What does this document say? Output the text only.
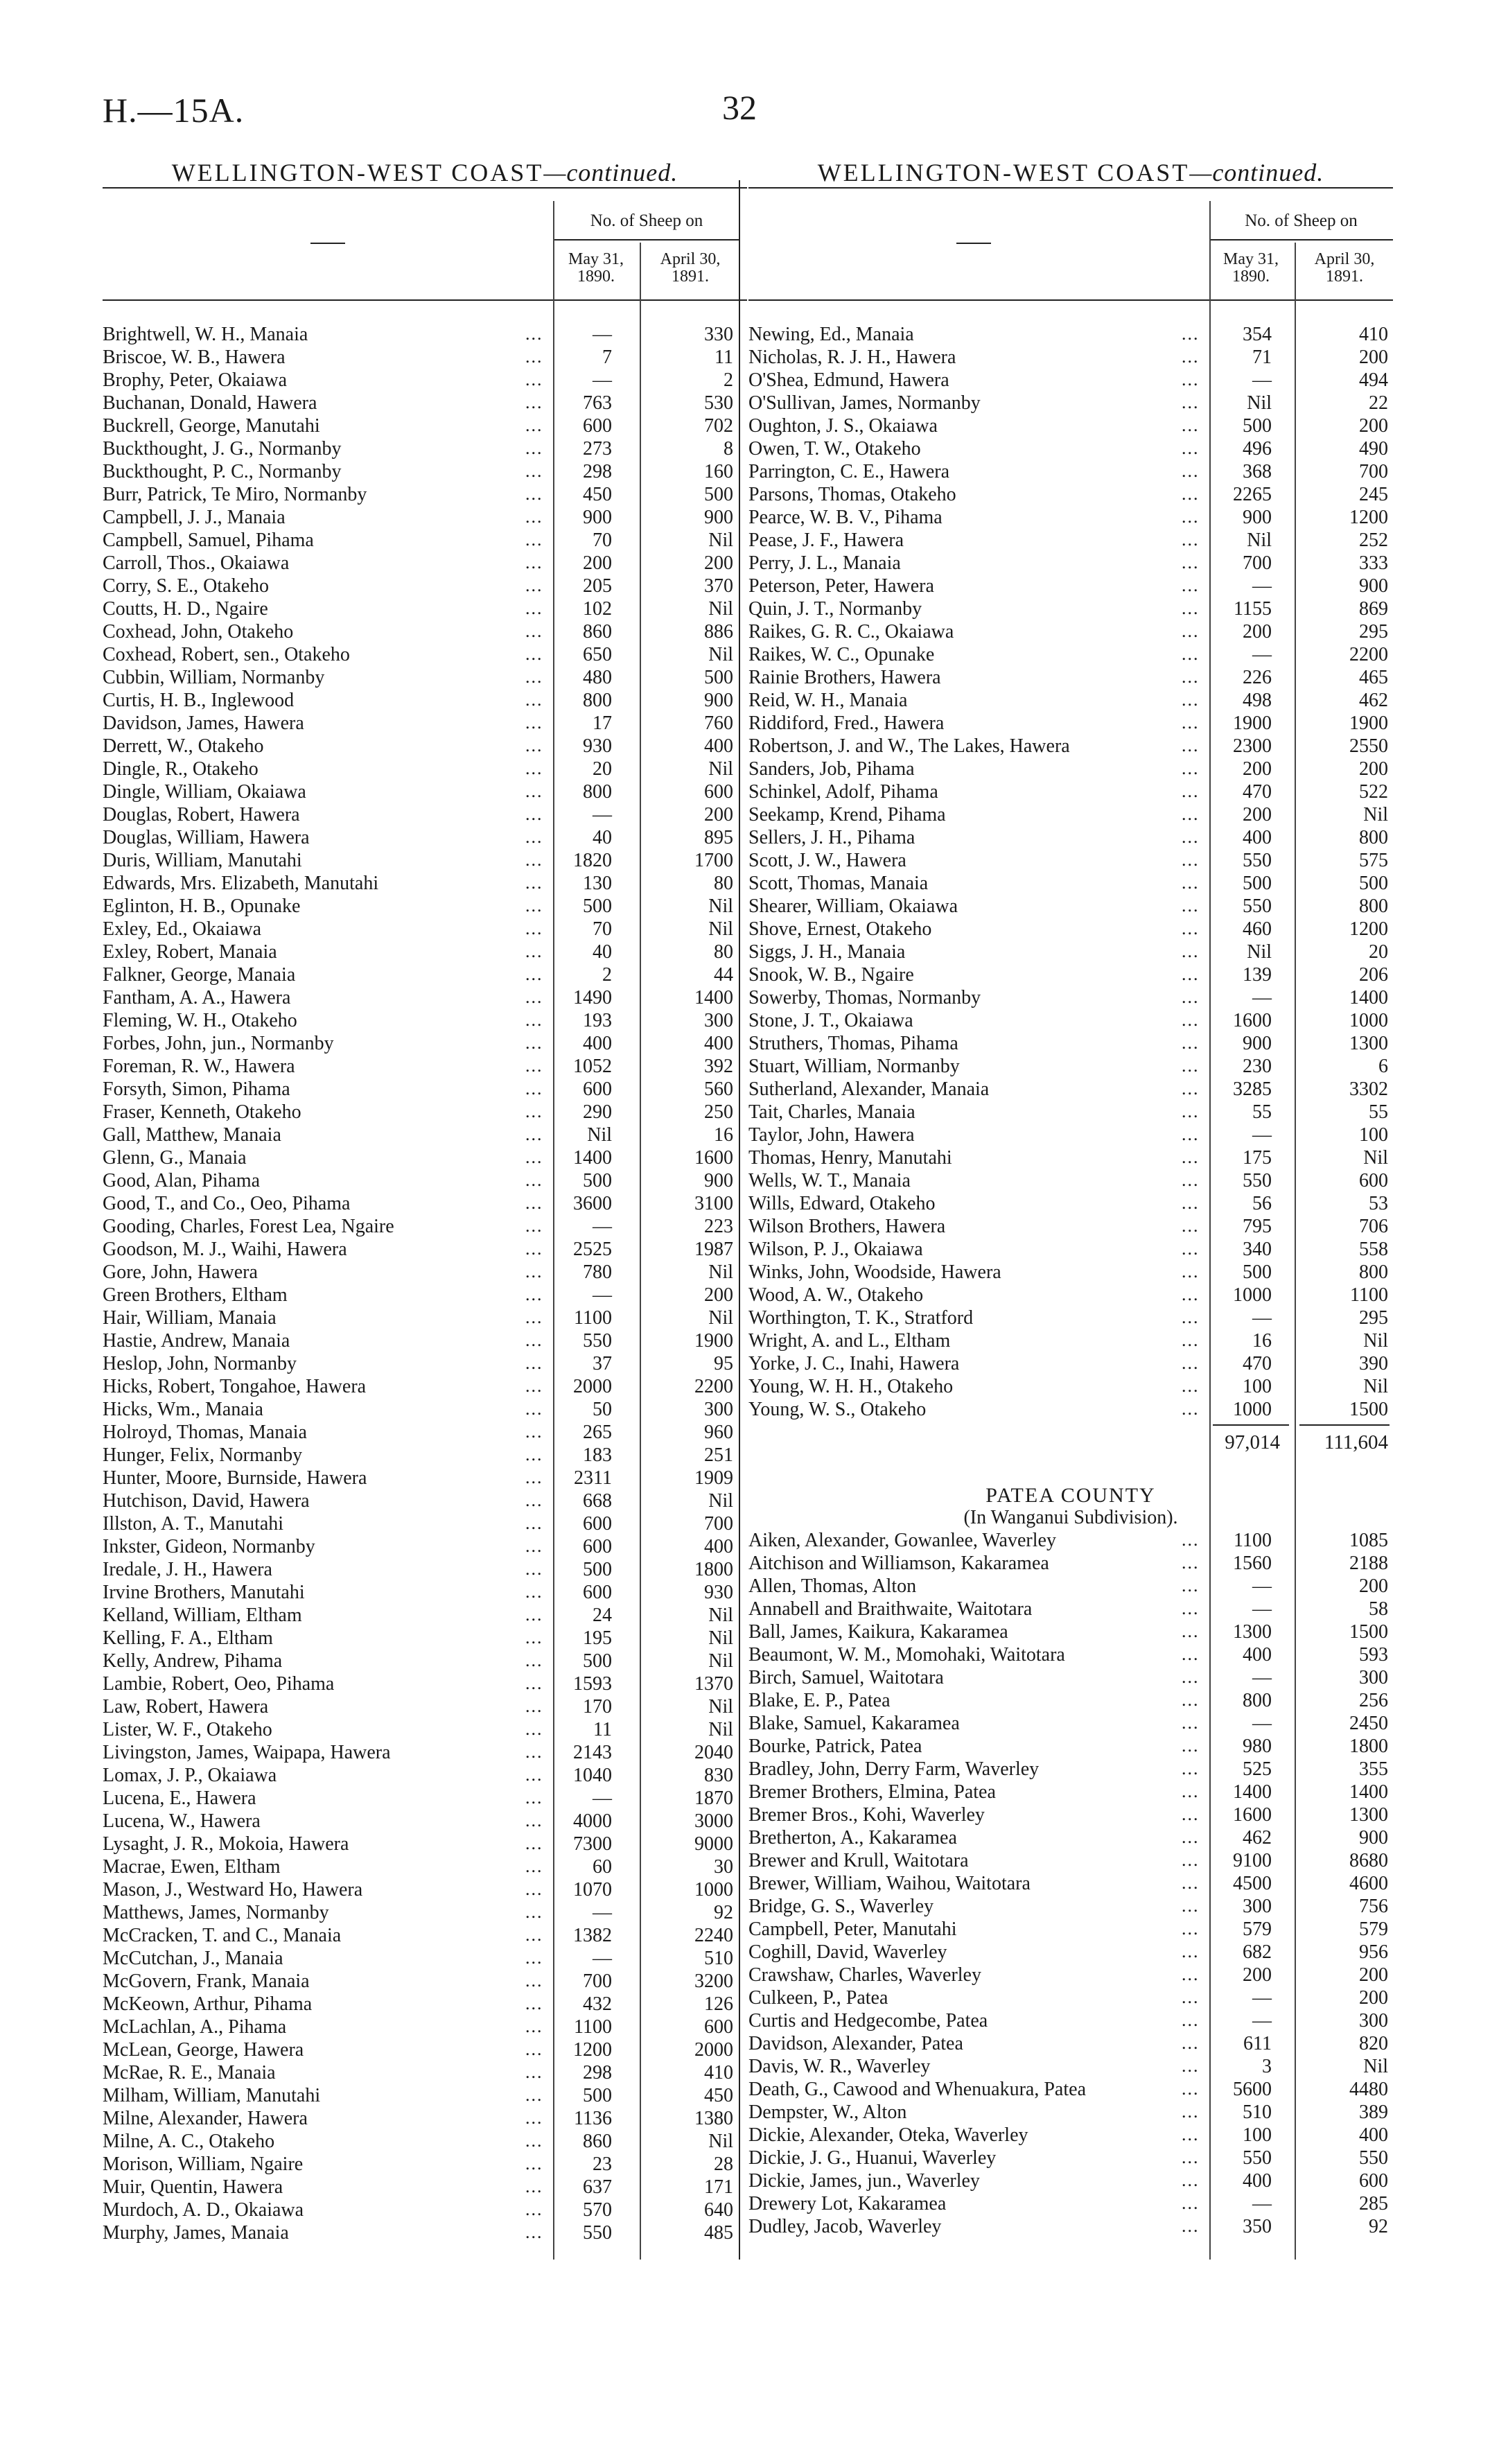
H.—15A.	32
WELLINGTON-WEST COAST—continued.
No. of Sheep on
May 31, 1890.
April 30, 1891.
Brightwell, W. H., Manaia	...	—	330
Briscoe, W. B., Hawera	...	7	11
Brophy, Peter, Okaiawa	...	—	2
Buchanan, Donald, Hawera	...	763	530
Buckrell, George, Manutahi	...	600	702
Buckthought, J. G., Normanby	...	273	8
Buckthought, P. C., Normanby	...	298	160
Burr, Patrick, Te Miro, Normanby	...	450	500
Campbell, J. J., Manaia	...	900	900
Campbell, Samuel, Pihama	...	70	Nil
Carroll, Thos., Okaiawa	...	200	200
Corry, S. E., Otakeho	...	205	370
Coutts, H. D., Ngaire	...	102	Nil
Coxhead, John, Otakeho	...	860	886
Coxhead, Robert, sen., Otakeho	...	650	Nil
Cubbin, William, Normanby	...	480	500
Curtis, H. B., Inglewood	...	800	900
Davidson, James, Hawera	...	17	760
Derrett, W., Otakeho	...	930	400
Dingle, R., Otakeho	...	20	Nil
Dingle, William, Okaiawa	...	800	600
Douglas, Robert, Hawera	...	—	200
Douglas, William, Hawera	...	40	895
Duris, William, Manutahi	...	1820	1700
Edwards, Mrs. Elizabeth, Manutahi	...	130	80
Eglinton, H. B., Opunake	...	500	Nil
Exley, Ed., Okaiawa	...	70	Nil
Exley, Robert, Manaia	...	40	80
Falkner, George, Manaia	...	2	44
Fantham, A. A., Hawera	...	1490	1400
Fleming, W. H., Otakeho	...	193	300
Forbes, John, jun., Normanby	...	400	400
Foreman, R. W., Hawera	...	1052	392
Forsyth, Simon, Pihama	...	600	560
Fraser, Kenneth, Otakeho	...	290	250
Gall, Matthew, Manaia	...	Nil	16
Glenn, G., Manaia	...	1400	1600
Good, Alan, Pihama	...	500	900
Good, T., and Co., Oeo, Pihama	...	3600	3100
Gooding, Charles, Forest Lea, Ngaire	...	—	223
Goodson, M. J., Waihi, Hawera	...	2525	1987
Gore, John, Hawera	...	780	Nil
Green Brothers, Eltham	...	—	200
Hair, William, Manaia	...	1100	Nil
Hastie, Andrew, Manaia	...	550	1900
Heslop, John, Normanby	...	37	95
Hicks, Robert, Tongahoe, Hawera	...	2000	2200
Hicks, Wm., Manaia	...	50	300
Holroyd, Thomas, Manaia	...	265	960
Hunger, Felix, Normanby	...	183	251
Hunter, Moore, Burnside, Hawera	...	2311	1909
Hutchison, David, Hawera	...	668	Nil
Illston, A. T., Manutahi	...	600	700
Inkster, Gideon, Normanby	...	600	400
Iredale, J. H., Hawera	...	500	1800
Irvine Brothers, Manutahi	...	600	930
Kelland, William, Eltham	...	24	Nil
Kelling, F. A., Eltham	...	195	Nil
Kelly, Andrew, Pihama	...	500	Nil
Lambie, Robert, Oeo, Pihama	...	1593	1370
Law, Robert, Hawera	...	170	Nil
Lister, W. F., Otakeho	...	11	Nil
Livingston, James, Waipapa, Hawera	...	2143	2040
Lomax, J. P., Okaiawa	...	1040	830
Lucena, E., Hawera	...	—	1870
Lucena, W., Hawera	...	4000	3000
Lysaght, J. R., Mokoia, Hawera	...	7300	9000
Macrae, Ewen, Eltham	...	60	30
Mason, J., Westward Ho, Hawera	...	1070	1000
Matthews, James, Normanby	...	—	92
McCracken, T. and C., Manaia	...	1382	2240
McCutchan, J., Manaia	...	—	510
McGovern, Frank, Manaia	...	700	3200
McKeown, Arthur, Pihama	...	432	126
McLachlan, A., Pihama	...	1100	600
McLean, George, Hawera	...	1200	2000
McRae, R. E., Manaia	...	298	410
Milham, William, Manutahi	...	500	450
Milne, Alexander, Hawera	...	1136	1380
Milne, A. C., Otakeho	...	860	Nil
Morison, William, Ngaire	...	23	28
Muir, Quentin, Hawera	...	637	171
Murdoch, A. D., Okaiawa	...	570	640
Murphy, James, Manaia	...	550	485
WELLINGTON-WEST COAST—continued.
No. of Sheep on
May 31, 1890.
April 30, 1891.
Newing, Ed., Manaia	...	354	410
Nicholas, R. J. H., Hawera	...	71	200
O'Shea, Edmund, Hawera	...	—	494
O'Sullivan, James, Normanby	...	Nil	22
Oughton, J. S., Okaiawa	...	500	200
Owen, T. W., Otakeho	...	496	490
Parrington, C. E., Hawera	...	368	700
Parsons, Thomas, Otakeho	...	2265	245
Pearce, W. B. V., Pihama	...	900	1200
Pease, J. F., Hawera	...	Nil	252
Perry, J. L., Manaia	...	700	333
Peterson, Peter, Hawera	...	—	900
Quin, J. T., Normanby	...	1155	869
Raikes, G. R. C., Okaiawa	...	200	295
Raikes, W. C., Opunake	...	—	2200
Rainie Brothers, Hawera	...	226	465
Reid, W. H., Manaia	...	498	462
Riddiford, Fred., Hawera	...	1900	1900
Robertson, J. and W., The Lakes, Hawera	...	2300	2550
Sanders, Job, Pihama	...	200	200
Schinkel, Adolf, Pihama	...	470	522
Seekamp, Krend, Pihama	...	200	Nil
Sellers, J. H., Pihama	...	400	800
Scott, J. W., Hawera	...	550	575
Scott, Thomas, Manaia	...	500	500
Shearer, William, Okaiawa	...	550	800
Shove, Ernest, Otakeho	...	460	1200
Siggs, J. H., Manaia	...	Nil	20
Snook, W. B., Ngaire	...	139	206
Sowerby, Thomas, Normanby	...	—	1400
Stone, J. T., Okaiawa	...	1600	1000
Struthers, Thomas, Pihama	...	900	1300
Stuart, William, Normanby	...	230	6
Sutherland, Alexander, Manaia	...	3285	3302
Tait, Charles, Manaia	...	55	55
Taylor, John, Hawera	...	—	100
Thomas, Henry, Manutahi	...	175	Nil
Wells, W. T., Manaia	...	550	600
Wills, Edward, Otakeho	...	56	53
Wilson Brothers, Hawera	...	795	706
Wilson, P. J., Okaiawa	...	340	558
Winks, John, Woodside, Hawera	...	500	800
Wood, A. W., Otakeho	...	1000	1100
Worthington, T. K., Stratford	...	—	295
Wright, A. and L., Eltham	...	16	Nil
Yorke, J. C., Inahi, Hawera	...	470	390
Young, W. H. H., Otakeho	...	100	Nil
Young, W. S., Otakeho	...	1000	1500
97,014	111,604
PATEA COUNTY
(In Wanganui Subdivision).
Aiken, Alexander, Gowanlee, Waverley	...	1100	1085
Aitchison and Williamson, Kakaramea	...	1560	2188
Allen, Thomas, Alton	...	—	200
Annabell and Braithwaite, Waitotara	...	—	58
Ball, James, Kaikura, Kakaramea	...	1300	1500
Beaumont, W. M., Momohaki, Waitotara	...	400	593
Birch, Samuel, Waitotara	...	—	300
Blake, E. P., Patea	...	800	256
Blake, Samuel, Kakaramea	...	—	2450
Bourke, Patrick, Patea	...	980	1800
Bradley, John, Derry Farm, Waverley	...	525	355
Bremer Brothers, Elmina, Patea	...	1400	1400
Bremer Bros., Kohi, Waverley	...	1600	1300
Bretherton, A., Kakaramea	...	462	900
Brewer and Krull, Waitotara	...	9100	8680
Brewer, William, Waihou, Waitotara	...	4500	4600
Bridge, G. S., Waverley	...	300	756
Campbell, Peter, Manutahi	...	579	579
Coghill, David, Waverley	...	682	956
Crawshaw, Charles, Waverley	...	200	200
Culkeen, P., Patea	...	—	200
Curtis and Hedgecombe, Patea	...	—	300
Davidson, Alexander, Patea	...	611	820
Davis, W. R., Waverley	...	3	Nil
Death, G., Cawood and Whenuakura, Patea	...	5600	4480
Dempster, W., Alton	...	510	389
Dickie, Alexander, Oteka, Waverley	...	100	400
Dickie, J. G., Huanui, Waverley	...	550	550
Dickie, James, jun., Waverley	...	400	600
Drewery Lot, Kakaramea	...	—	285
Dudley, Jacob, Waverley	...	350	92
